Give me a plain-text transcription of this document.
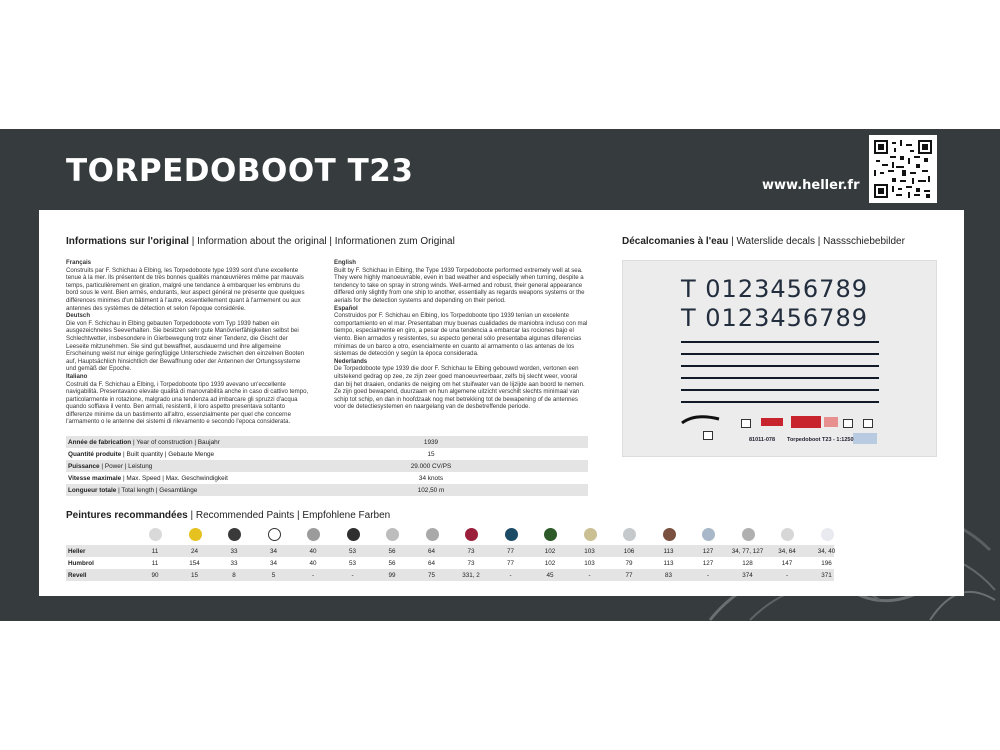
TORPEDOBOOT T23	www.heller.fr
Informations sur l'original | Information about the original | Informationen zum Original
Français

Construits par F. Schichau à Elbing, les Torpedoboote type 1939 sont d'une excellente tenue à la mer. Ils présentent de très bonnes qualités manœuvrières même par mauvais temps, particulièrement en giration, malgré une tendance à embarquer les embruns du bord sous le vent. Bien armés, endurants, leur aspect général ne présente que quelques différences minimes d'un bâtiment à l'autre, essentiellement quant à l'armement ou aux antennes des systèmes de détection et selon l'époque considérée.

Deutsch

Die von F. Schichau in Elbing gebauten Torpedoboote vom Typ 1939 haben ein ausgezeichnetes Seeverhalten. Sie besitzen sehr gute Manövrierfähigkeiten selbst bei Schlechtwetter, insbesondere in Gierbewegung trotz einer Tendenz, die Gischt der Leeseite mitzunehmen. Sie sind gut bewaffnet, ausdauernd und ihre allgemeine Erscheinung weist nur einige geringfügige Unterschiede zwischen den einzelnen Booten auf, Hauptsächlich hinsichtlich der Bewaffnung oder der Antennen der Ortungssysteme und gemäß der Epoche.

Italiano

Costruiti da F. Schichau a Elbing, i Torpedoboote tipo 1939 avevano un'eccellente navigabilità. Presentavano elevate qualità di manovrabilità anche in caso di cattivo tempo, particolarmente in rotazione, malgrado una tendenza ad imbarcare gli spruzzi d'acqua quando soffiava il vento. Ben armati, resistenti, il loro aspetto presentava soltanto differenze minime da un bastimento all'altro, essenzialmente per quel che concerne l'armamento o le antenne dei sistemi di rilevamento e secondo l'epoca considerata.

English

Built by F. Schichau in Elbing, the Type 1939 Torpedoboote performed extremely well at sea. They were highly manoeuvrable, even in bad weather and especially when turning, despite a tendency to take on spray in strong winds. Well-armed and robust, their general appearance differed only slightly from one ship to another, essentially as regards weapons systems or the aerials for the detection systems and depending on their period.

Español

Construidos por F. Schichau en Elbing, los Torpedoboote tipo 1939 tenían un excelente comportamiento en el mar. Presentaban muy buenas cualidades de maniobra incluso con mal tiempo, especialmente en giro, a pesar de una tendencia a embarcar las rociones bajo el viento. Bien armados y resistentes, su aspecto general sólo presentaba algunas diferencias mínimas de un barco a otro, esencialmente en cuanto al armamento o las antenas de los sistemas de detección y según la época considerada.

Nederlands

De Torpedoboote type 1939 die door F. Schichau te Elbing gebouwd worden, vertonen een uitstekend gedrag op zee, ze zijn zeer goed manoeuvreerbaar, zelfs bij slecht weer, vooral dan bij het draaien, ondanks de neiging om het stuifwater van de lijzijde aan boord te nemen. Ze zijn goed bewapend, duurzaam en hun algemene uitzicht verschilt slechts minimaal van schip tot schip, en dan in hoofdzaak nog met betrekking tot de bewapening of de antennes voor de detectiesystemen en naargelang van de desbetreffende periode.

Année de fabrication | Year of construction | Baujahr	1939
Quantité produite | Built quantity | Gebaute Menge	15
Puissance | Power | Leistung	29.000 CV/PS
Vitesse maximale | Max. Speed | Max. Geschwindigkeit	34 knots
Longueur totale | Total length | Gesamtlänge	102,50 m
Peintures recommandées | Recommended Paints | Empfohlene Farben
Heller	11	24	33	34	40	53	56	64	73	77	102	103	106	113	127	34, 77, 127	34, 64	34, 40
Humbrol	11	154	33	34	40	53	56	64	73	77	102	103	79	113	127	128	147	196
Revell	90	15	8	5	-	-	99	75	331, 2	-	45	-	77	83	-	374	-	371
Décalcomanies à l'eau | Waterslide decals | Nassschiebebilder
T 0123456789
T 0123456789
81011-078 Torpedoboot T23 - 1:1250
